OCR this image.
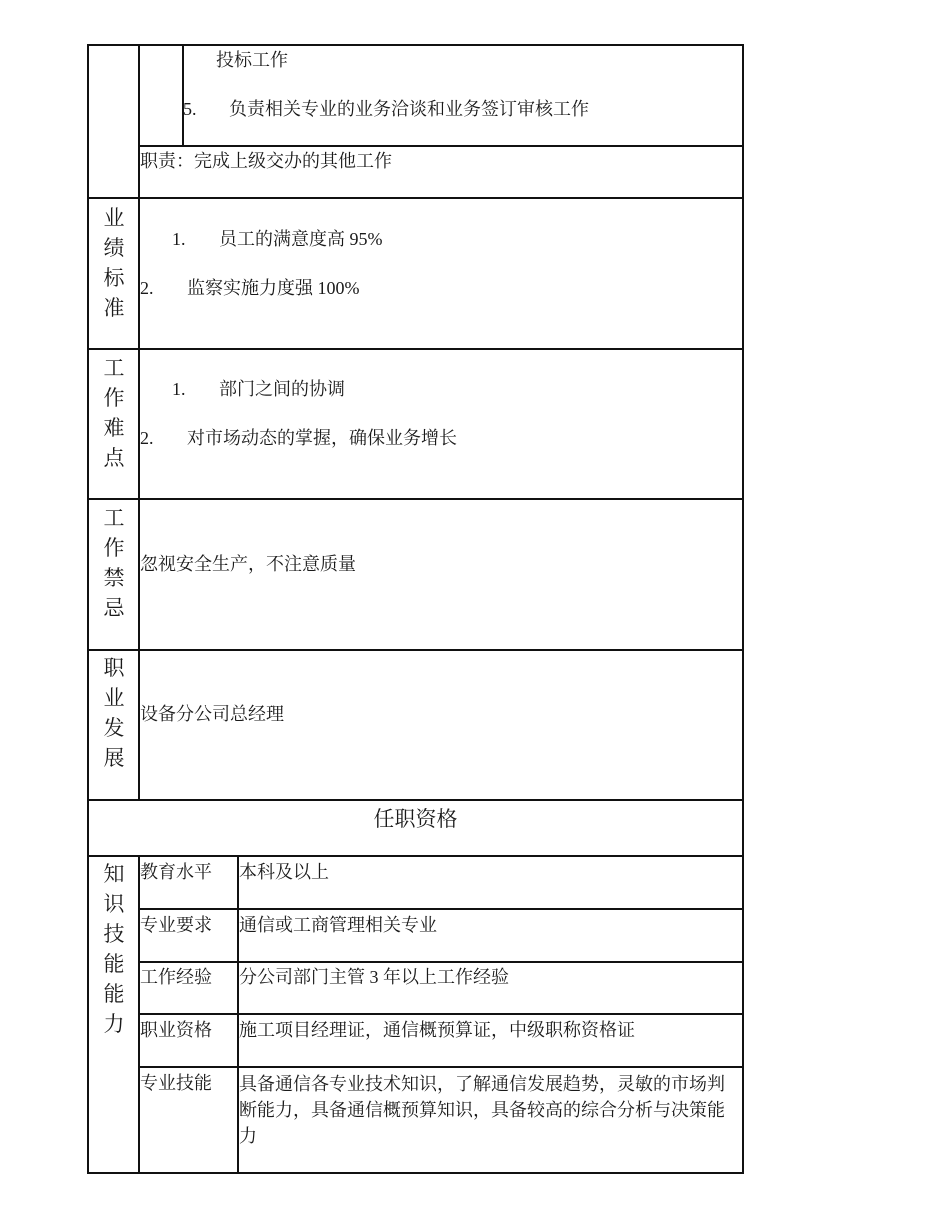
投标工作
5. 负责相关专业的业务洽谈和业务签订审核工作
职责：完成上级交办的其他工作
业
绩
标
准
1. 员工的满意度高 95%
2. 监察实施力度强 100%
工
作
难
点
1. 部门之间的协调
2. 对市场动态的掌握，确保业务增长
工
作
禁
忌
忽视安全生产，不注意质量
职
业
发
展
设备分公司总经理
任职资格
知
识
技
能
能
力
教育水平 本科及以上
专业要求 通信或工商管理相关专业
工作经验 分公司部门主管 3 年以上工作经验
职业资格 施工项目经理证，通信概预算证，中级职称资格证
专业技能 具备通信各专业技术知识，了解通信发展趋势，灵敏的市场判断能力，具备通信概预算知识，具备较高的综合分析与决策能力
